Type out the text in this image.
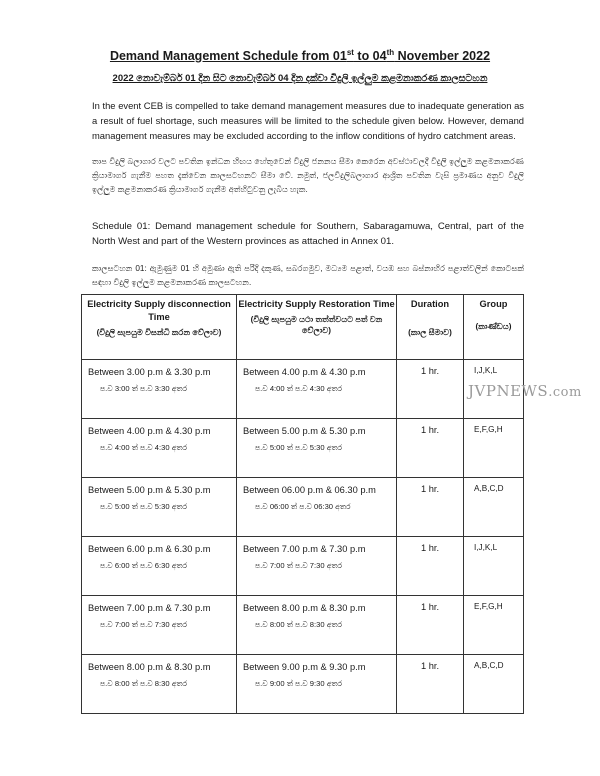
Demand Management Schedule from 01st to 04th November 2022
2022 නොවැම්බර් 01 දින සිට නොවැම්බර් 04 දින දක්වා විදුලි ඉල්ලුම කළමනාකරණ කාලසටහන
In the event CEB is compelled to take demand management measures due to inadequate generation as a result of fuel shortage, such measures will be limited to the schedule given below. However, demand management measures may be excluded according to the inflow conditions of hydro catchment areas.
තාප විදුලි බලාගාර වලට පවතින ඉන්ධන හිඟය හේතුවෙන් විදුලි ජනනය සීමා කෙරෙන අවස්ථාවලදී විදුලි ඉල්ලුම කළමනාකරණ ක්‍රියාමාර්ග ගැනීම පහත දැක්වෙන කාලසටහනට සීමා වේ. නමුත්, ජලවිදුලිබලාගාර ආශ්‍රිත පවතින වැසි ප්‍රමාණය අනුව විදුලි ඉල්ලුම කළමනාකරණ ක්‍රියාමාර්ග ගැනීම අත්හිටුවනු ලැබිය හැක.
Schedule 01: Demand management schedule for Southern, Sabaragamuwa, Central, part of the North West and part of the Western provinces as attached in Annex 01.
කාලසටහන 01: ඇමුණුම 01 හි අමුණා ඇති පරිදි දකුණ, සබරගමුව, මධ්‍යම පළාත්, වයඹ සහ බස්නාහිර පළාත්වලින් කොටසක් සඳහා විදුලි ඉල්ලුම කළමනාකරණ කාලසටහන.
Electricity Supply disconnection Time
(විදුලි සැපයුම විසන්ධි කරන වේලාව)	Electricity Supply Restoration Time
(විදුලි සැපයුම යථා තත්ත්වයට පත් වන වේලාව)	Duration
(කාල සීමාව)	Group
(කාණ්ඩය)

Between 3.00 p.m & 3.30 p.m
ප.ව 3:00 ත් ප.ව 3:30 අතර	Between 4.00 p.m & 4.30 p.m
ප.ව 4:00 ත් ප.ව 4:30 අතර	1 hr.	I,J,K,L

Between 4.00 p.m & 4.30 p.m
ප.ව 4:00 ත් ප.ව 4:30 අතර	Between 5.00 p.m & 5.30 p.m
ප.ව 5:00 ත් ප.ව 5:30 අතර	1 hr.	E,F,G,H

Between 5.00 p.m & 5.30 p.m
ප.ව 5:00 ත් ප.ව 5:30 අතර	Between 06.00 p.m & 06.30 p.m
ප.ව 06:00 ත් ප.ව 06:30 අතර	1 hr.	A,B,C,D

Between 6.00 p.m & 6.30 p.m
ප.ව 6:00 ත් ප.ව 6:30 අතර	Between 7.00 p.m & 7.30 p.m
ප.ව 7:00 ත් ප.ව 7:30 අතර	1 hr.	I,J,K,L

Between 7.00 p.m & 7.30 p.m
ප.ව 7:00 ත් ප.ව 7:30 අතර	Between 8.00 p.m & 8.30 p.m
ප.ව 8:00 ත් ප.ව 8:30 අතර	1 hr.	E,F,G,H

Between 8.00 p.m & 8.30 p.m
ප.ව 8:00 ත් ප.ව 8:30 අතර	Between 9.00 p.m & 9.30 p.m
ප.ව 9:00 ත් ප.ව 9:30 අතර	1 hr.	A,B,C,D
JVPNEWS.com
